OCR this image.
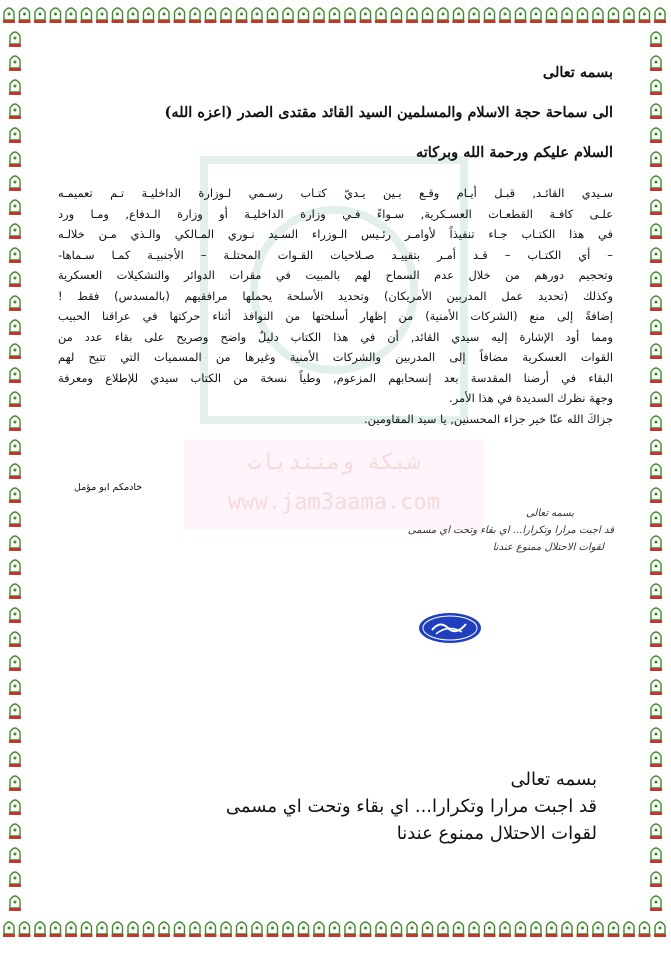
شبكة ومنتديات
www.jam3aama.com
بسمه تعالى
الى سماحة حجة الاسلام والمسلمين السيد القائد مقتدى الصدر (اعزه الله)
السلام عليكم ورحمة الله وبركاته
سـيدي القائـد, قبـل أيـام وقـع بـين يـديّ كتـاب رسـمي لـوزارة الداخليـة تـم تعميمـه
علـى كافـة القطعـات العسـكرية, سـواءً فـي وزارة الداخليـة أو وزارة الـدفاع, ومـا ورد
في هذا الكتـاب جـاء تنفيذاً لأوامـر رئـيس الـوزراء السـيد نـوري المـالكي والـذي مـن خلالـه
– أي الكتـاب – قـد أمـر بتقييـد صـلاحيات القـوات المحتلـة – الأجنبيـة كمـا سـماها-
وتحجيم دورهم من خلال عدم السماح لهم بالمبيت في مقرات الدوائر والتشكيلات العسكرية
وكذلك (تحديد عمل المدربين الأمريكان) وتحديد الأسلحة يحملها مرافقيهم (بالمسدس) فقط !
إضافةً إلى منع (الشركات الأمنية) من إظهار أسلحتها من النوافذ أثناء حركتها في عراقنا الحبيب
ومما أود الإشارة إليه سيدي القائد, أن في هذا الكتاب دليلٌ واضح وصريح على بقاء عدد من
القوات العسكرية مضافاً إلى المدربين والشركات الأمنية وغيرها من المسميات التي تتيح لهم
البقاء في أرضنا المقدسة بعد إنسحابهم المزعوم, وطياً نسخة من الكتاب سيدي للإطلاع ومعرفة
وجهة نظرك السديدة في هذا الأمر.
جزاكَ الله عنّا خير جزاء المحسنين, يا سيد المقاومين.
خادمكم ابو مؤمل
بسمه تعالى
قد اجبت مرارا وتكرارا... اي بقاء وتحت اي مسمى
لقوات الاحتلال ممنوع عندنا
بسمه تعالى
قد اجبت مرارا وتكرارا... اي بقاء وتحت اي مسمى
لقوات الاحتلال ممنوع عندنا
